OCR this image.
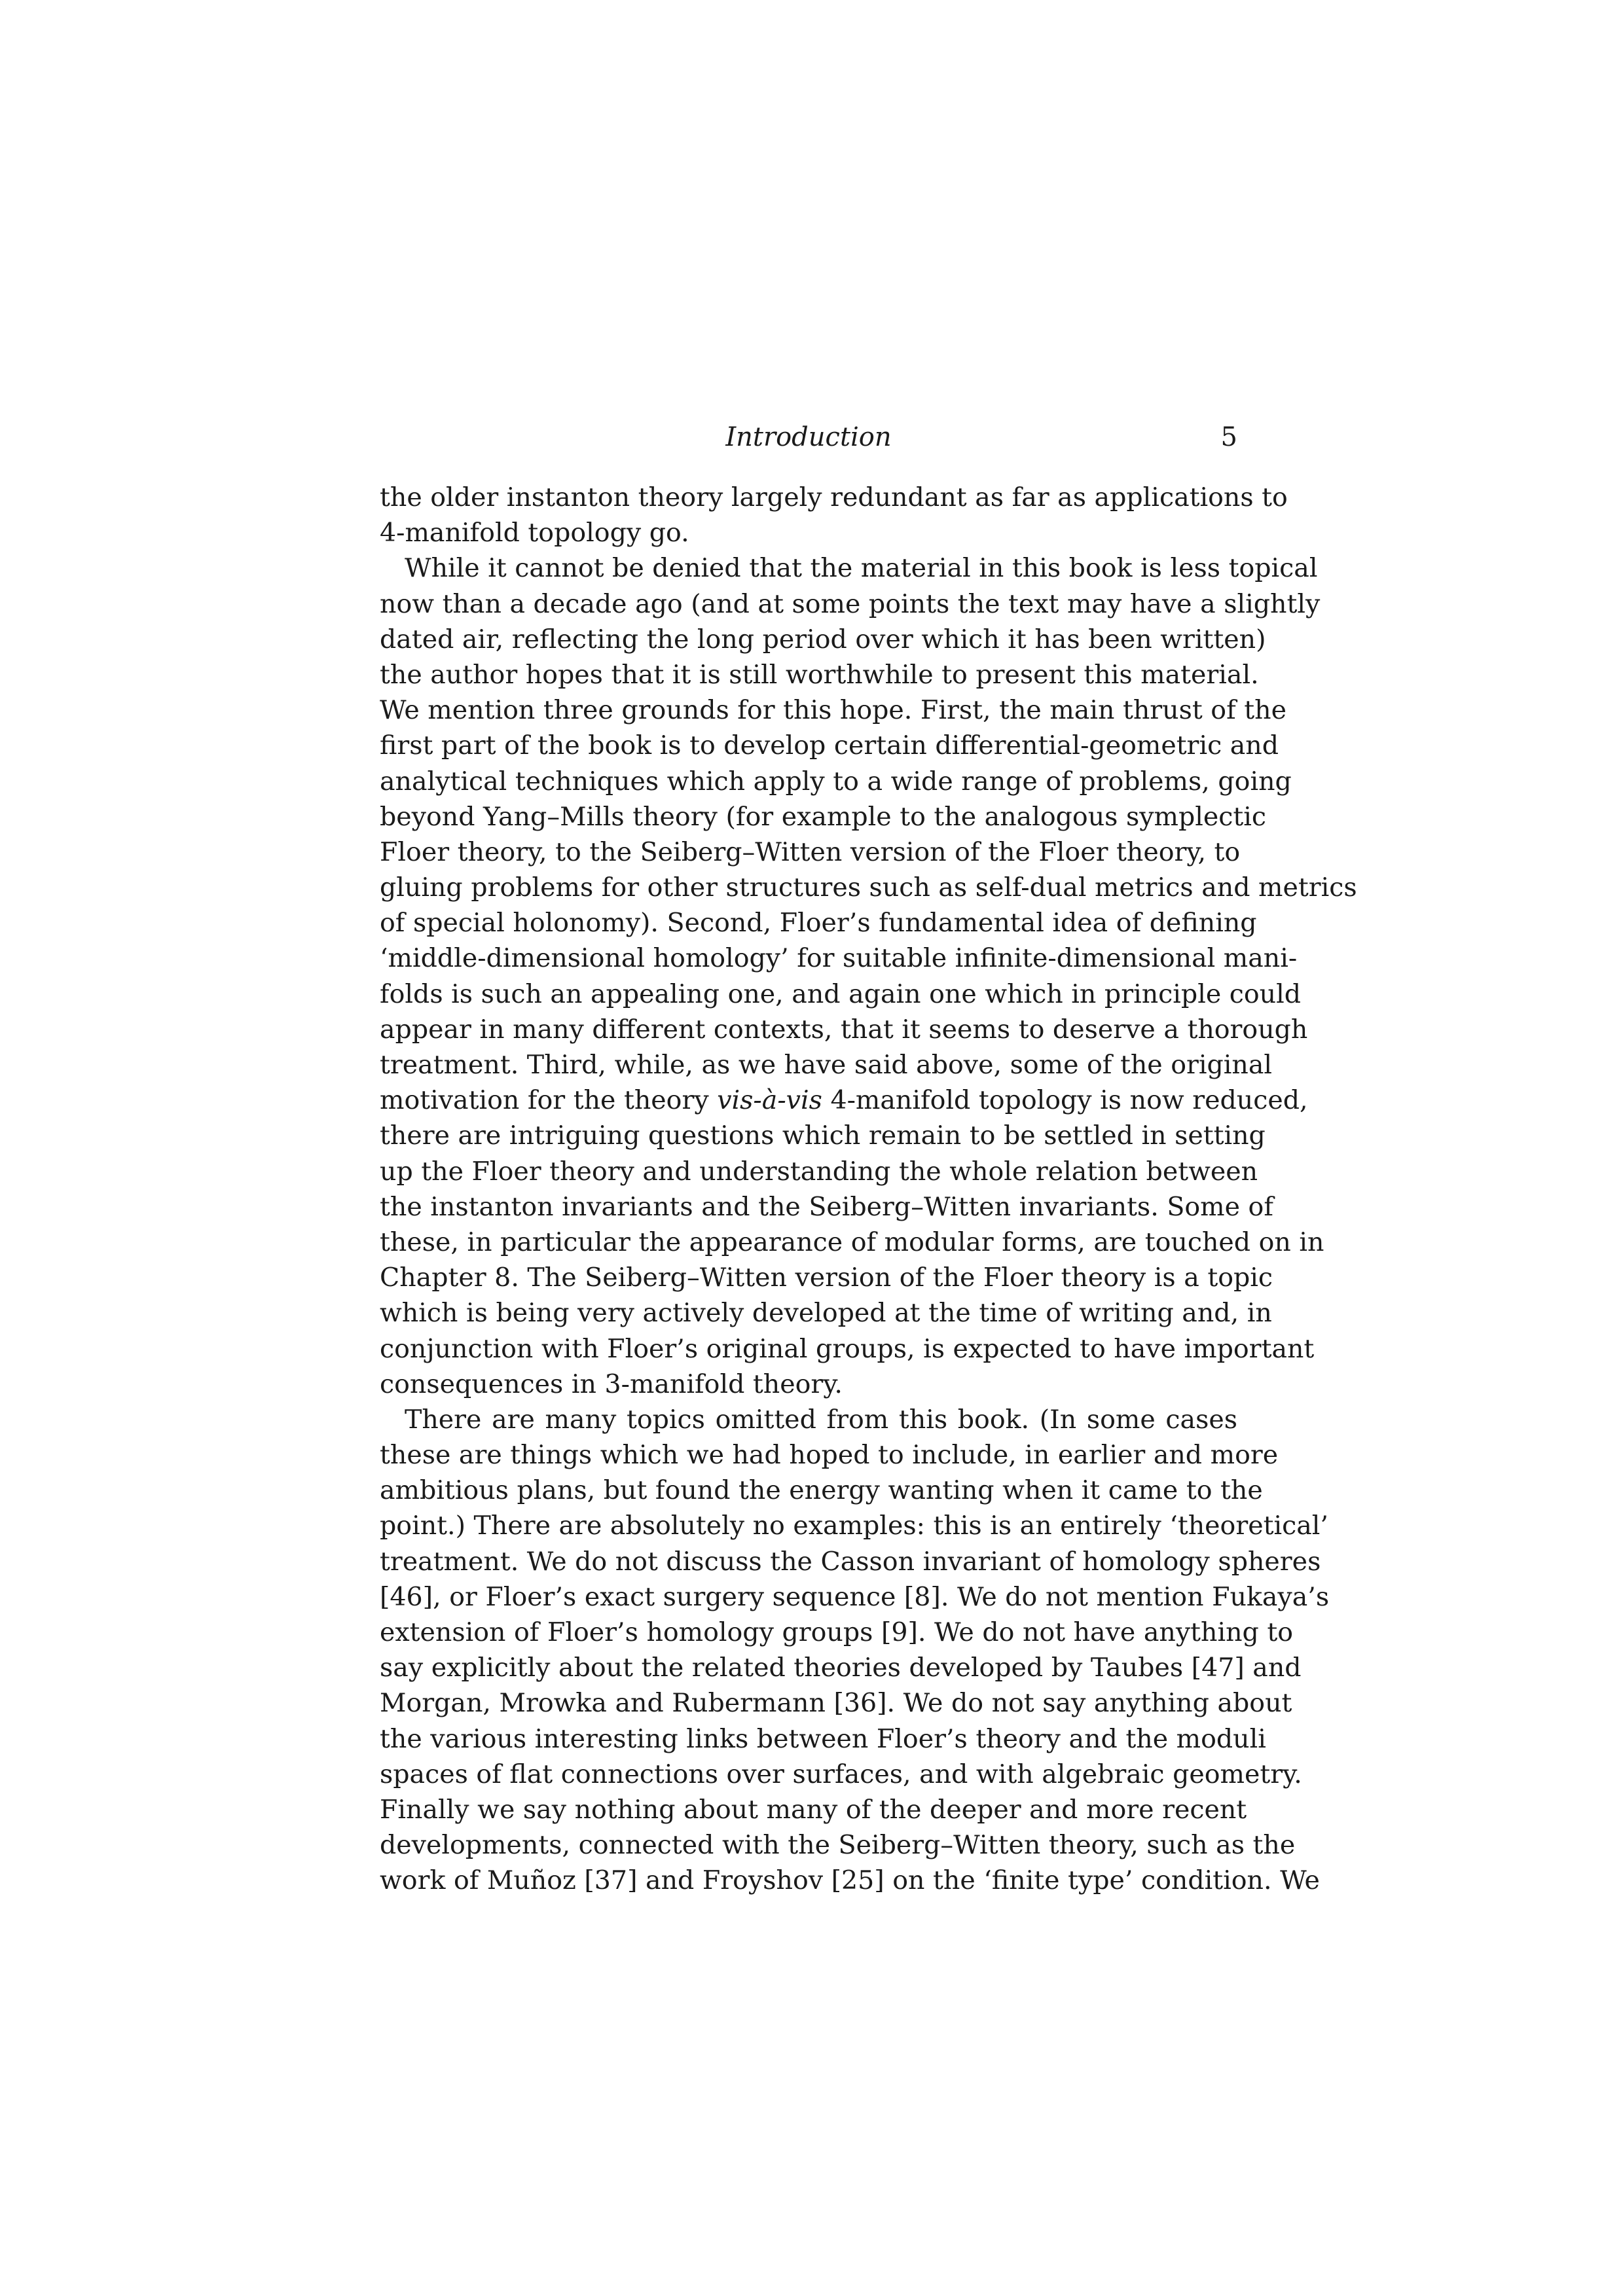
Introduction	5
the older instanton theory largely redundant as far as applications to
4-manifold topology go.
While it cannot be denied that the material in this book is less topical
now than a decade ago (and at some points the text may have a slightly
dated air, reflecting the long period over which it has been written)
the author hopes that it is still worthwhile to present this material.
We mention three grounds for this hope. First, the main thrust of the
first part of the book is to develop certain differential-geometric and
analytical techniques which apply to a wide range of problems, going
beyond Yang–Mills theory (for example to the analogous symplectic
Floer theory, to the Seiberg–Witten version of the Floer theory, to
gluing problems for other structures such as self-dual metrics and metrics
of special holonomy). Second, Floer’s fundamental idea of defining
‘middle-dimensional homology’ for suitable infinite-dimensional mani-
folds is such an appealing one, and again one which in principle could
appear in many different contexts, that it seems to deserve a thorough
treatment. Third, while, as we have said above, some of the original
motivation for the theory vis-à-vis 4-manifold topology is now reduced,
there are intriguing questions which remain to be settled in setting
up the Floer theory and understanding the whole relation between
the instanton invariants and the Seiberg–Witten invariants. Some of
these, in particular the appearance of modular forms, are touched on in
Chapter 8. The Seiberg–Witten version of the Floer theory is a topic
which is being very actively developed at the time of writing and, in
conjunction with Floer’s original groups, is expected to have important
consequences in 3-manifold theory.
There are many topics omitted from this book. (In some cases
these are things which we had hoped to include, in earlier and more
ambitious plans, but found the energy wanting when it came to the
point.) There are absolutely no examples: this is an entirely ‘theoretical’
treatment. We do not discuss the Casson invariant of homology spheres
[46], or Floer’s exact surgery sequence [8]. We do not mention Fukaya’s
extension of Floer’s homology groups [9]. We do not have anything to
say explicitly about the related theories developed by Taubes [47] and
Morgan, Mrowka and Rubermann [36]. We do not say anything about
the various interesting links between Floer’s theory and the moduli
spaces of flat connections over surfaces, and with algebraic geometry.
Finally we say nothing about many of the deeper and more recent
developments, connected with the Seiberg–Witten theory, such as the
work of Muñoz [37] and Froyshov [25] on the ‘finite type’ condition. We
